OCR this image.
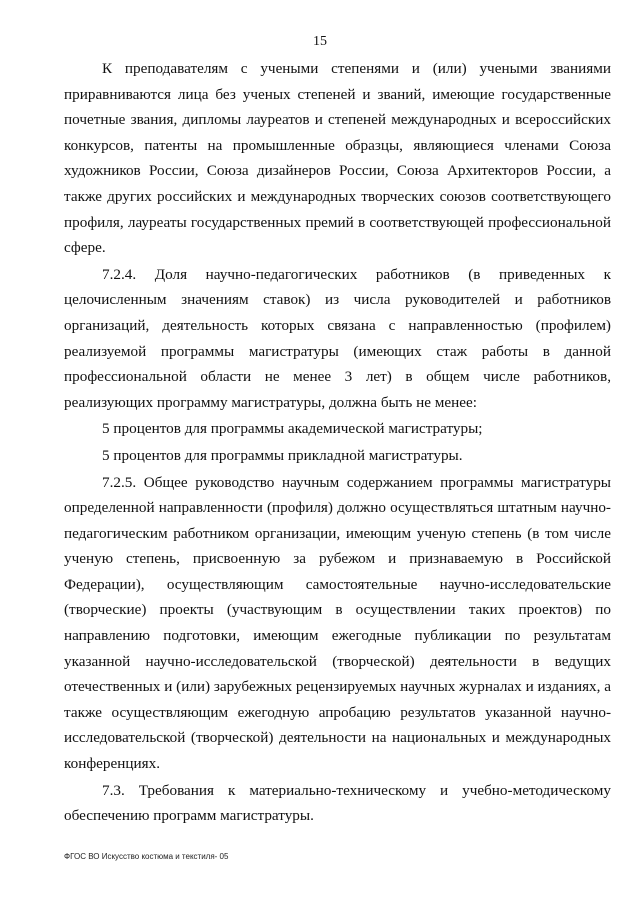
15

К преподавателям с учеными степенями и (или) учеными званиями приравниваются лица без ученых степеней и званий, имеющие государственные почетные звания, дипломы лауреатов и степеней международных и всероссийских конкурсов, патенты на промышленные образцы, являющиеся членами Союза художников России, Союза дизайнеров России, Союза Архитекторов России, а также других российских и международных творческих союзов соответствующего профиля, лауреаты государственных премий в соответствующей профессиональной сфере.

7.2.4. Доля научно-педагогических работников (в приведенных к целочисленным значениям ставок) из числа руководителей и работников организаций, деятельность которых связана с направленностью (профилем) реализуемой программы магистратуры (имеющих стаж работы в данной профессиональной области не менее 3 лет) в общем числе работников, реализующих программу магистратуры, должна быть не менее:

5 процентов для программы академической магистратуры;

5 процентов для программы прикладной магистратуры.

7.2.5. Общее руководство научным содержанием программы магистратуры определенной направленности (профиля) должно осуществляться штатным научно-педагогическим работником организации, имеющим ученую степень (в том числе ученую степень, присвоенную за рубежом и признаваемую в Российской Федерации), осуществляющим самостоятельные научно-исследовательские (творческие) проекты (участвующим в осуществлении таких проектов) по направлению подготовки, имеющим ежегодные публикации по результатам указанной научно-исследовательской (творческой) деятельности в ведущих отечественных и (или) зарубежных рецензируемых научных журналах и изданиях, а также осуществляющим ежегодную апробацию результатов указанной научно-исследовательской (творческой) деятельности на национальных и международных конференциях.

7.3. Требования к материально-техническому и учебно-методическому обеспечению программ магистратуры.

ФГОС ВО Искусство костюма и текстиля- 05
